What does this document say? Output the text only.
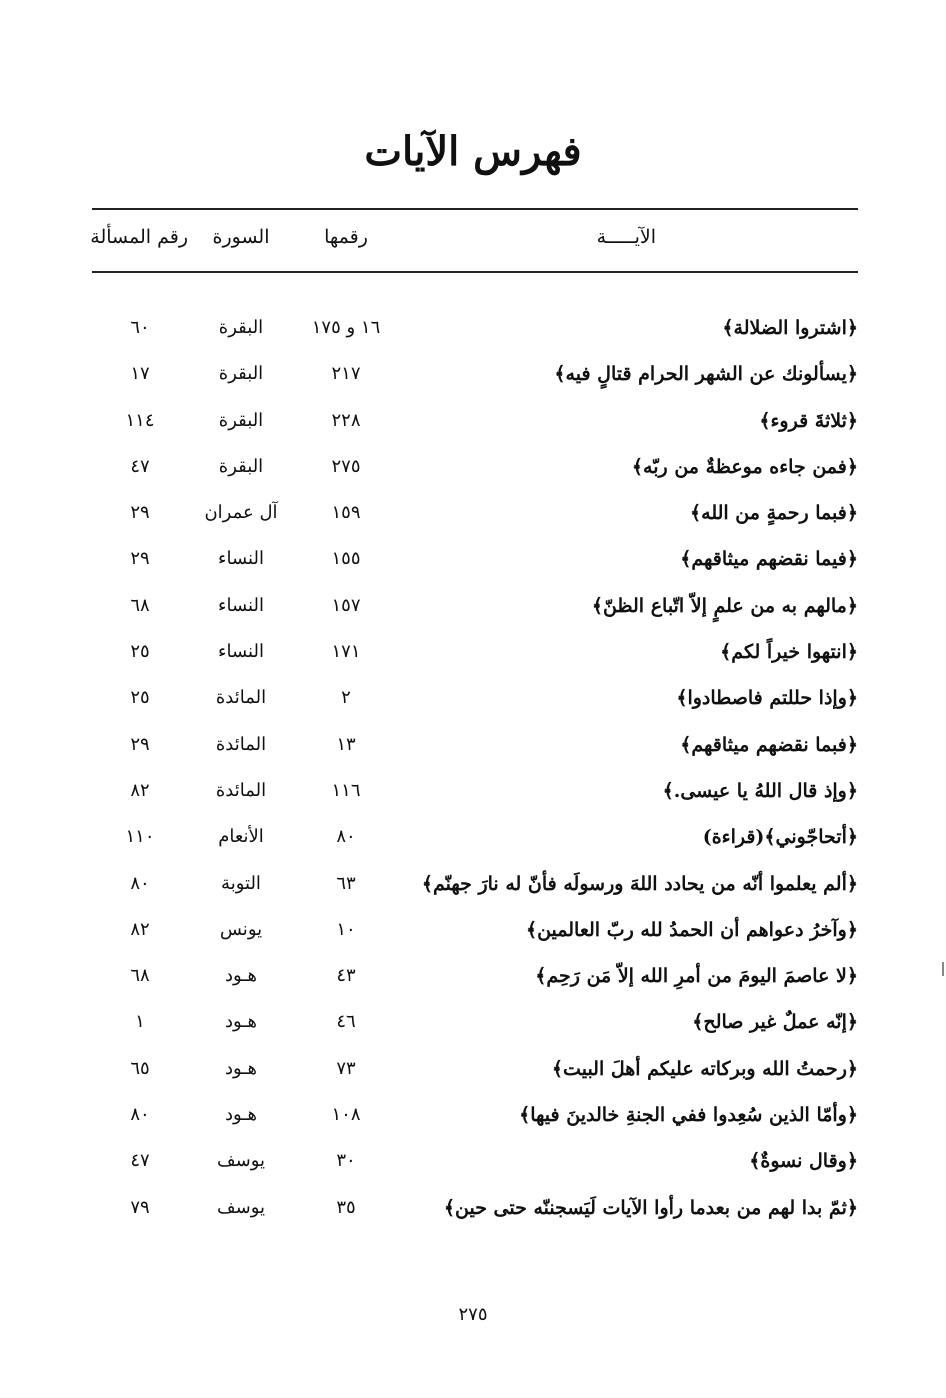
فهرس الآيات
الآيـــــة
رقمها
السورة
رقم المسألة
﴿اشتروا الضلالة﴾
١٦ و ١٧٥
البقرة
٦٠
﴿يسألونك عن الشهر الحرام قتالٍ فيه﴾
٢١٧
البقرة
١٧
﴿ثلاثةَ قروء﴾
٢٢٨
البقرة
١١٤
﴿فمن جاءه موعظةٌ من ربّه﴾
٢٧٥
البقرة
٤٧
﴿فبما رحمةٍ من الله﴾
١٥٩
آل عمران
٢٩
﴿فيما نقضهم ميثاقهم﴾
١٥٥
النساء
٢٩
﴿مالهم به من علمٍ إلاّ اتّباع الظنّ﴾
١٥٧
النساء
٦٨
﴿انتهوا خيراً لكم﴾
١٧١
النساء
٢٥
﴿وإذا حللتم فاصطادوا﴾
٢
المائدة
٢٥
﴿فبما نقضهم ميثاقهم﴾
١٣
المائدة
٢٩
﴿وإذ قال اللهُ يا عيسى.﴾
١١٦
المائدة
٨٢
﴿أتحاجّوني﴾(قراءة)
٨٠
الأنعام
١١٠
﴿ألم يعلموا أنّه من يحادد اللهَ ورسولَه فأنّ له نارَ جهنّم﴾
٦٣
التوبة
٨٠
﴿وآخرُ دعواهم أن الحمدُ لله ربّ العالمين﴾
١٠
يونس
٨٢
﴿لا عاصمَ اليومَ من أمرِ الله إلاّ مَن رَحِم﴾
٤٣
هـود
٦٨
﴿إنّه عملٌ غير صالح﴾
٤٦
هـود
١
﴿رحمتُ الله وبركاته عليكم أهلَ البيت﴾
٧٣
هـود
٦٥
﴿وأمّا الذين سُعِدوا ففي الجنةِ خالدينَ فيها﴾
١٠٨
هـود
٨٠
﴿وقال نسوةٌ﴾
٣٠
يوسف
٤٧
﴿ثمّ بدا لهم من بعدما رأوا الآيات لَيَسجننّه حتى حين﴾
٣٥
يوسف
٧٩
٢٧٥
